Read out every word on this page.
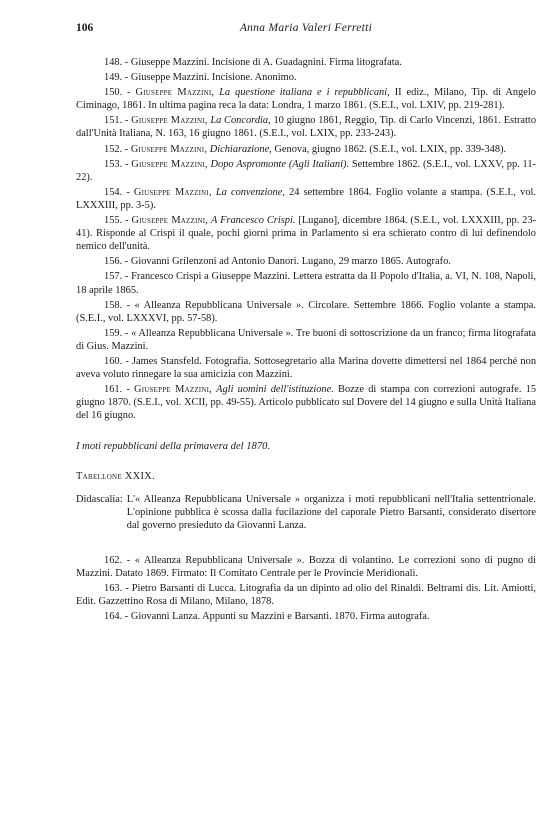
106	Anna Maria Valeri Ferretti

148. - Giuseppe Mazzini. Incisione di A. Guadagnini. Firma litografata.

149. - Giuseppe Mazzini. Incisione. Anonimo.

150. - Giuseppe Mazzini, La questione italiana e i repubblicani, II ediz., Milano, Tip. di Angelo Ciminago, 1861. In ultima pagina reca la data: Londra, 1 marzo 1861. (S.E.I., vol. LXIV, pp. 219-281).

151. - Giuseppe Mazzini, La Concordia, 10 giugno 1861, Reggio, Tip. di Carlo Vincenzi, 1861. Estratto dall'Unità Italiana, N. 163, 16 giugno 1861. (S.E.I., vol. LXIX, pp. 233-243).

152. - Giuseppe Mazzini, Dichiarazione, Genova, giugno 1862. (S.E.I., vol. LXIX, pp. 339-348).

153. - Giuseppe Mazzini, Dopo Aspromonte (Agli Italiani). Settembre 1862. (S.E.I., vol. LXXV, pp. 11-22).

154. - Giuseppe Mazzini, La convenzione, 24 settembre 1864. Foglio volante a stampa. (S.E.I., vol. LXXXIII, pp. 3-5).

155. - Giuseppe Mazzini, A Francesco Crispi. [Lugano], dicembre 1864. (S.E.I., vol. LXXXIII, pp. 23-41). Risponde al Crispi il quale, pochi giorni prima in Parlamento si era schierato contro di lui definendolo nemico dell'unità.

156. - Giovanni Grilenzoni ad Antonio Danori. Lugano, 29 marzo 1865. Autografo.

157. - Francesco Crispi a Giuseppe Mazzini. Lettera estratta da Il Popolo d'Italia, a. VI, N. 108, Napoli, 18 aprile 1865.

158. - « Alleanza Repubblicana Universale ». Circolare. Settembre 1866. Foglio volante a stampa. (S.E.I., vol. LXXXVI, pp. 57-58).

159. - « Alleanza Repubblicana Universale ». Tre buoni di sottoscrizione da un franco; firma litografata di Gius. Mazzini.

160. - James Stansfeld. Fotografia. Sottosegretario alla Marina dovette dimettersi nel 1864 perché non aveva voluto rinnegare la sua amicizia con Mazzini.

161. - Giuseppe Mazzini, Agli uomini dell'istituzione. Bozze di stampa con correzioni autografe. 15 giugno 1870. (S.E.I., vol. XCII, pp. 49-55). Articolo pubblicato sul Dovere del 14 giugno e sulla Unità Italiana del 16 giugno.

I moti repubblicani della primavera del 1870.
Tabellone XXIX.
Didascalia: L'« Alleanza Repubblicana Universale » organizza i moti repubblicani nell'Italia settentrionale. L'opinione pubblica è scossa dalla fucilazione del caporale Pietro Barsanti, considerato disertore dal governo presieduto da Giovanni Lanza.

162. - « Alleanza Repubblicana Universale ». Bozza di volantino. Le correzioni sono di pugno di Mazzini. Datato 1869. Firmato: Il Comitato Centrale per le Provincie Meridionali.

163. - Pietro Barsanti di Lucca. Litografia da un dipinto ad olio del Rinaldi. Beltrami dis. Lit. Amiotti, Edit. Gazzettino Rosa di Milano, Milano, 1878.

164. - Giovanni Lanza. Appunti su Mazzini e Barsanti. 1870. Firma autografa.
